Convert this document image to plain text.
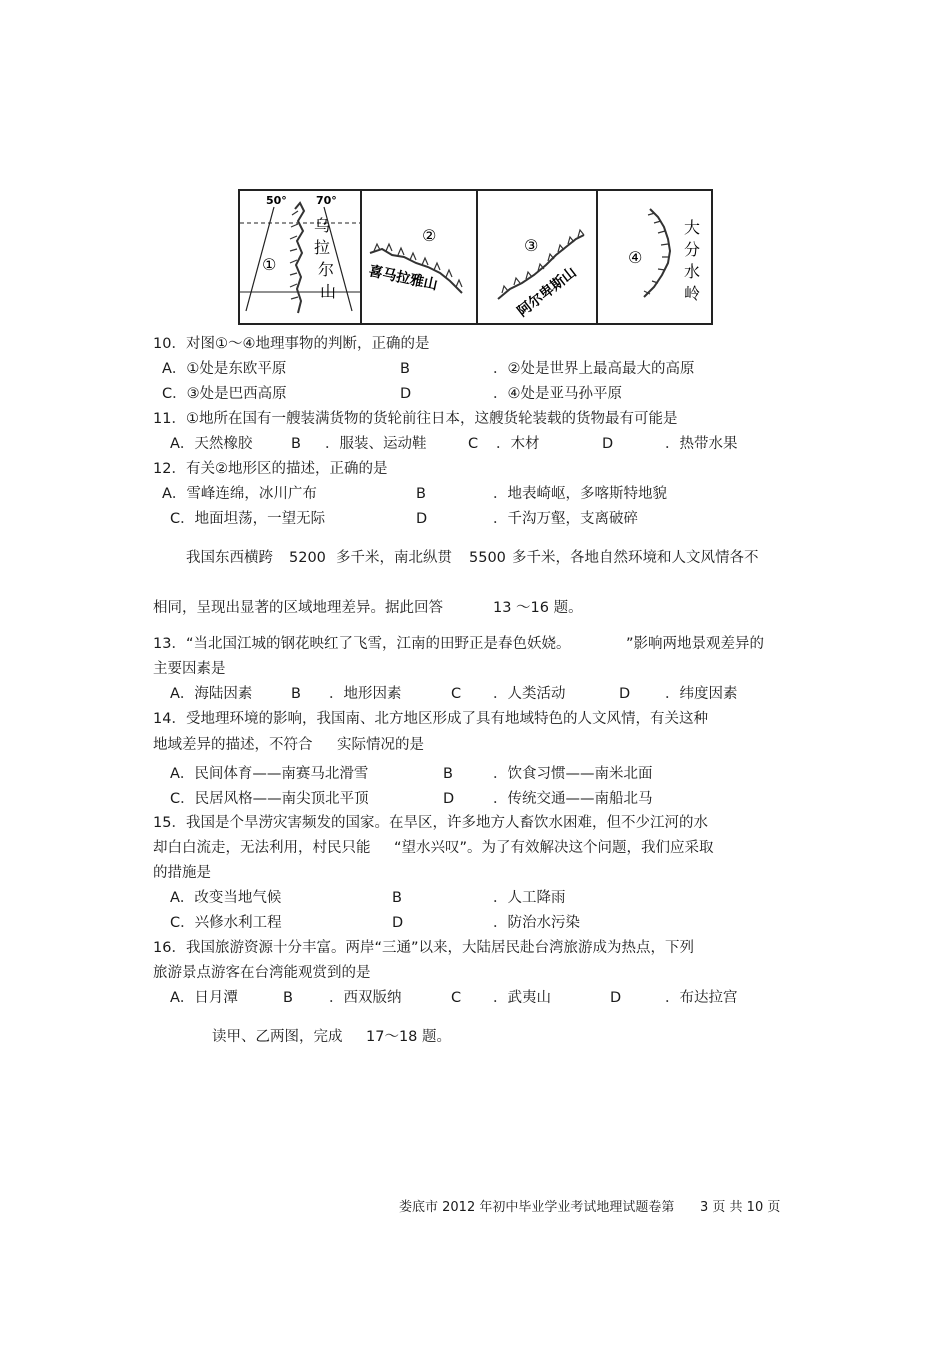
50°	70°
①
乌
拉
尔
山
②
喜马拉雅山
③
阿尔卑斯山
④
大
分
水
岭
10．对图①～④地理事物的判断，正确的是
A．①处是东欧平原	B	．②处是世界上最高最大的高原
C．③处是巴西高原	D	．④处是亚马孙平原
11．①地所在国有一艘装满货物的货轮前往日本，这艘货轮装载的货物最有可能是
A．天然橡胶	B ．服装、运动鞋	C ．木材	D	．热带水果
12．有关②地形区的描述，正确的是
A．雪峰连绵，冰川广布	B	．地表崎岖，多喀斯特地貌
C．地面坦荡，一望无际	D	．千沟万壑，支离破碎
我国东西横跨 5200 多千米，南北纵贯 5500 多千米，各地自然环境和人文风情各不
相同，呈现出显著的区域地理差异。据此回答	13 ～16 题。
13．“当北国江城的钢花映红了飞雪，江南的田野正是春色妖娆。	”影响两地景观差异的
主要因素是
A．海陆因素	B ．地形因素	C ．人类活动	D ．纬度因素
14．受地理环境的影响，我国南、北方地区形成了具有地域特色的人文风情，有关这种
地域差异的描述，不符合 实际情况的是
A．民间体育——南赛马北滑雪	B	．饮食习惯——南米北面
C．民居风格——南尖顶北平顶	D	．传统交通——南船北马
15．我国是个旱涝灾害频发的国家。在旱区，许多地方人畜饮水困难，但不少江河的水
却白白流走，无法利用，村民只能 “望水兴叹”。为了有效解决这个问题，我们应采取
的措施是
A．改变当地气候	B	．人工降雨
C．兴修水利工程	D	．防治水污染
16．我国旅游资源十分丰富。两岸“三通”以来，大陆居民赴台湾旅游成为热点，下列
旅游景点游客在台湾能观赏到的是
A．日月潭	B ．西双版纳	C ．武夷山	D	．布达拉宫
读甲、乙两图，完成 17～18 题。
娄底市 2012 年初中毕业学业考试地理试题卷第 3 页 共 10 页
